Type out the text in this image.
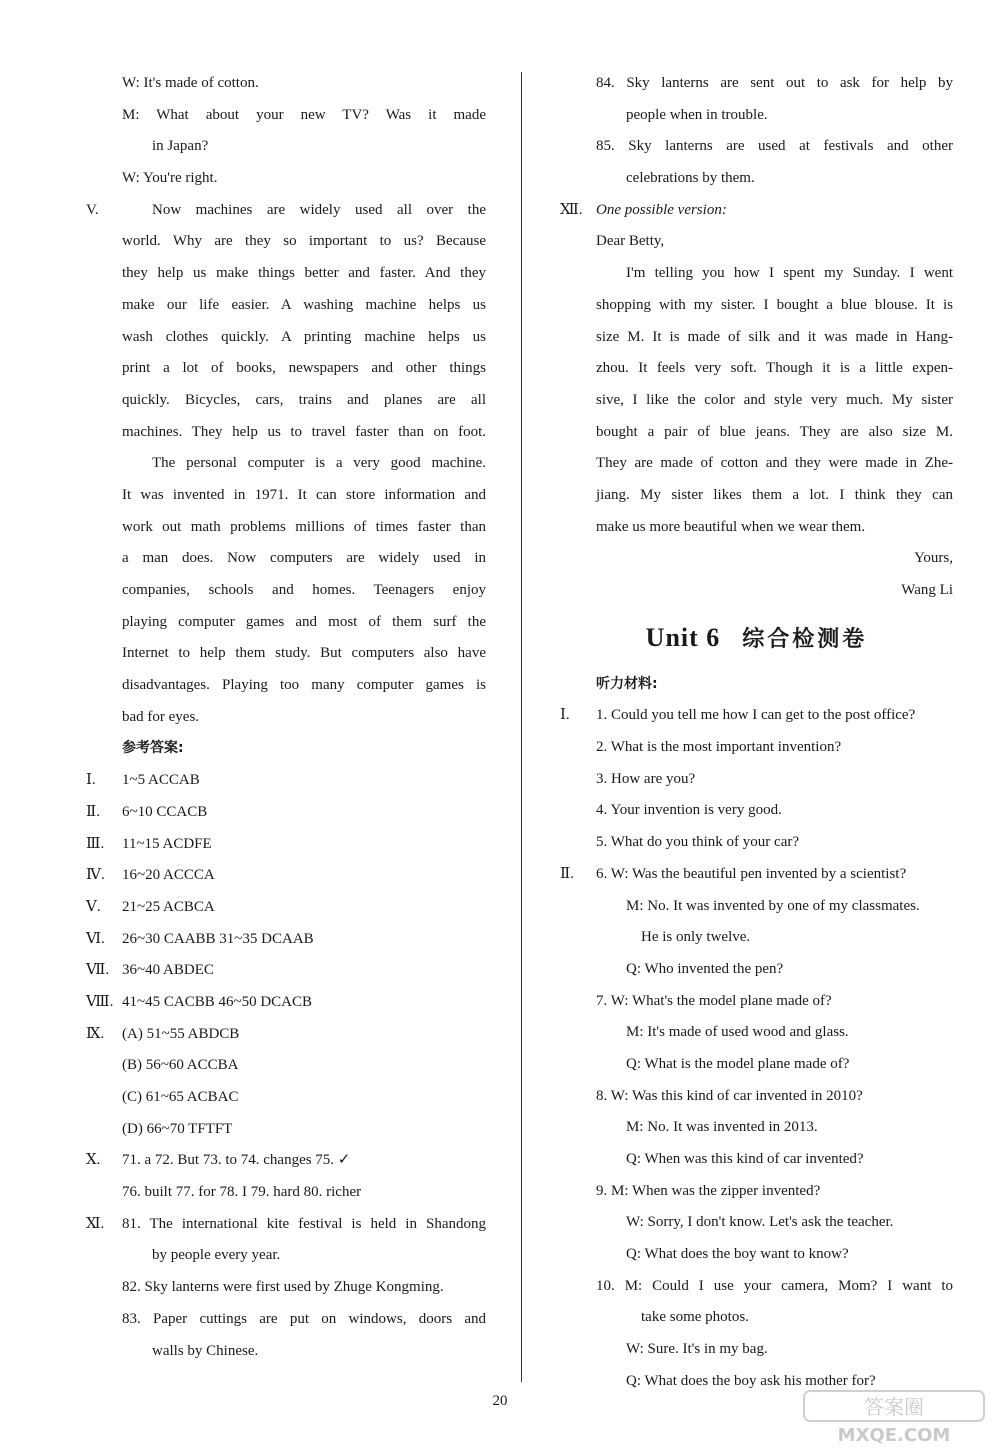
W: It's made of cotton.
M: What about your new TV? Was it made
in Japan?
W: You're right.
V.	Now machines are widely used all over the
world. Why are they so important to us? Because
they help us make things better and faster. And they
make our life easier. A washing machine helps us
wash clothes quickly. A printing machine helps us
print a lot of books, newspapers and other things
quickly. Bicycles, cars, trains and planes are all
machines. They help us to travel faster than on foot.
The personal computer is a very good machine.
It was invented in 1971. It can store information and
work out math problems millions of times faster than
a man does. Now computers are widely used in
companies, schools and homes. Teenagers enjoy
playing computer games and most of them surf the
Internet to help them study. But computers also have
disadvantages. Playing too many computer games is
bad for eyes.
参考答案:
Ⅰ.	1~5 ACCAB
Ⅱ.	6~10 CCACB
Ⅲ.	11~15 ACDFE
Ⅳ.	16~20 ACCCA
Ⅴ.	21~25 ACBCA
Ⅵ.	26~30 CAABB 31~35 DCAAB
Ⅶ. 36~40 ABDEC
Ⅷ. 41~45 CACBB 46~50 DCACB
Ⅸ.	(A) 51~55 ABDCB
(B) 56~60 ACCBA
(C) 61~65 ACBAC
(D) 66~70 TFTFT
Ⅹ.	71. a 72. But 73. to 74. changes 75. ✓
76. built 77. for 78. I 79. hard 80. richer
Ⅺ.	81. The international kite festival is held in Shandong
by people every year.
82. Sky lanterns were first used by Zhuge Kongming.
83. Paper cuttings are put on windows, doors and
walls by Chinese.
84. Sky lanterns are sent out to ask for help by
people when in trouble.
85. Sky lanterns are used at festivals and other
celebrations by them.
Ⅻ. One possible version:
Dear Betty,
I'm telling you how I spent my Sunday. I went
shopping with my sister. I bought a blue blouse. It is
size M. It is made of silk and it was made in Hang-
zhou. It feels very soft. Though it is a little expen-
sive, I like the color and style very much. My sister
bought a pair of blue jeans. They are also size M.
They are made of cotton and they were made in Zhe-
jiang. My sister likes them a lot. I think they can
make us more beautiful when we wear them.
Yours,
Wang Li
Unit 6 综合检测卷
听力材料:
Ⅰ.	1. Could you tell me how I can get to the post office?
2. What is the most important invention?
3. How are you?
4. Your invention is very good.
5. What do you think of your car?
Ⅱ.	6. W: Was the beautiful pen invented by a scientist?
M: No. It was invented by one of my classmates.
He is only twelve.
Q: Who invented the pen?
7. W: What's the model plane made of?
M: It's made of used wood and glass.
Q: What is the model plane made of?
8. W: Was this kind of car invented in 2010?
M: No. It was invented in 2013.
Q: When was this kind of car invented?
9. M: When was the zipper invented?
W: Sorry, I don't know. Let's ask the teacher.
Q: What does the boy want to know?
10. M: Could I use your camera, Mom? I want to
take some photos.
W: Sure. It's in my bag.
Q: What does the boy ask his mother for?
20	答案圈
MXQE.COM
